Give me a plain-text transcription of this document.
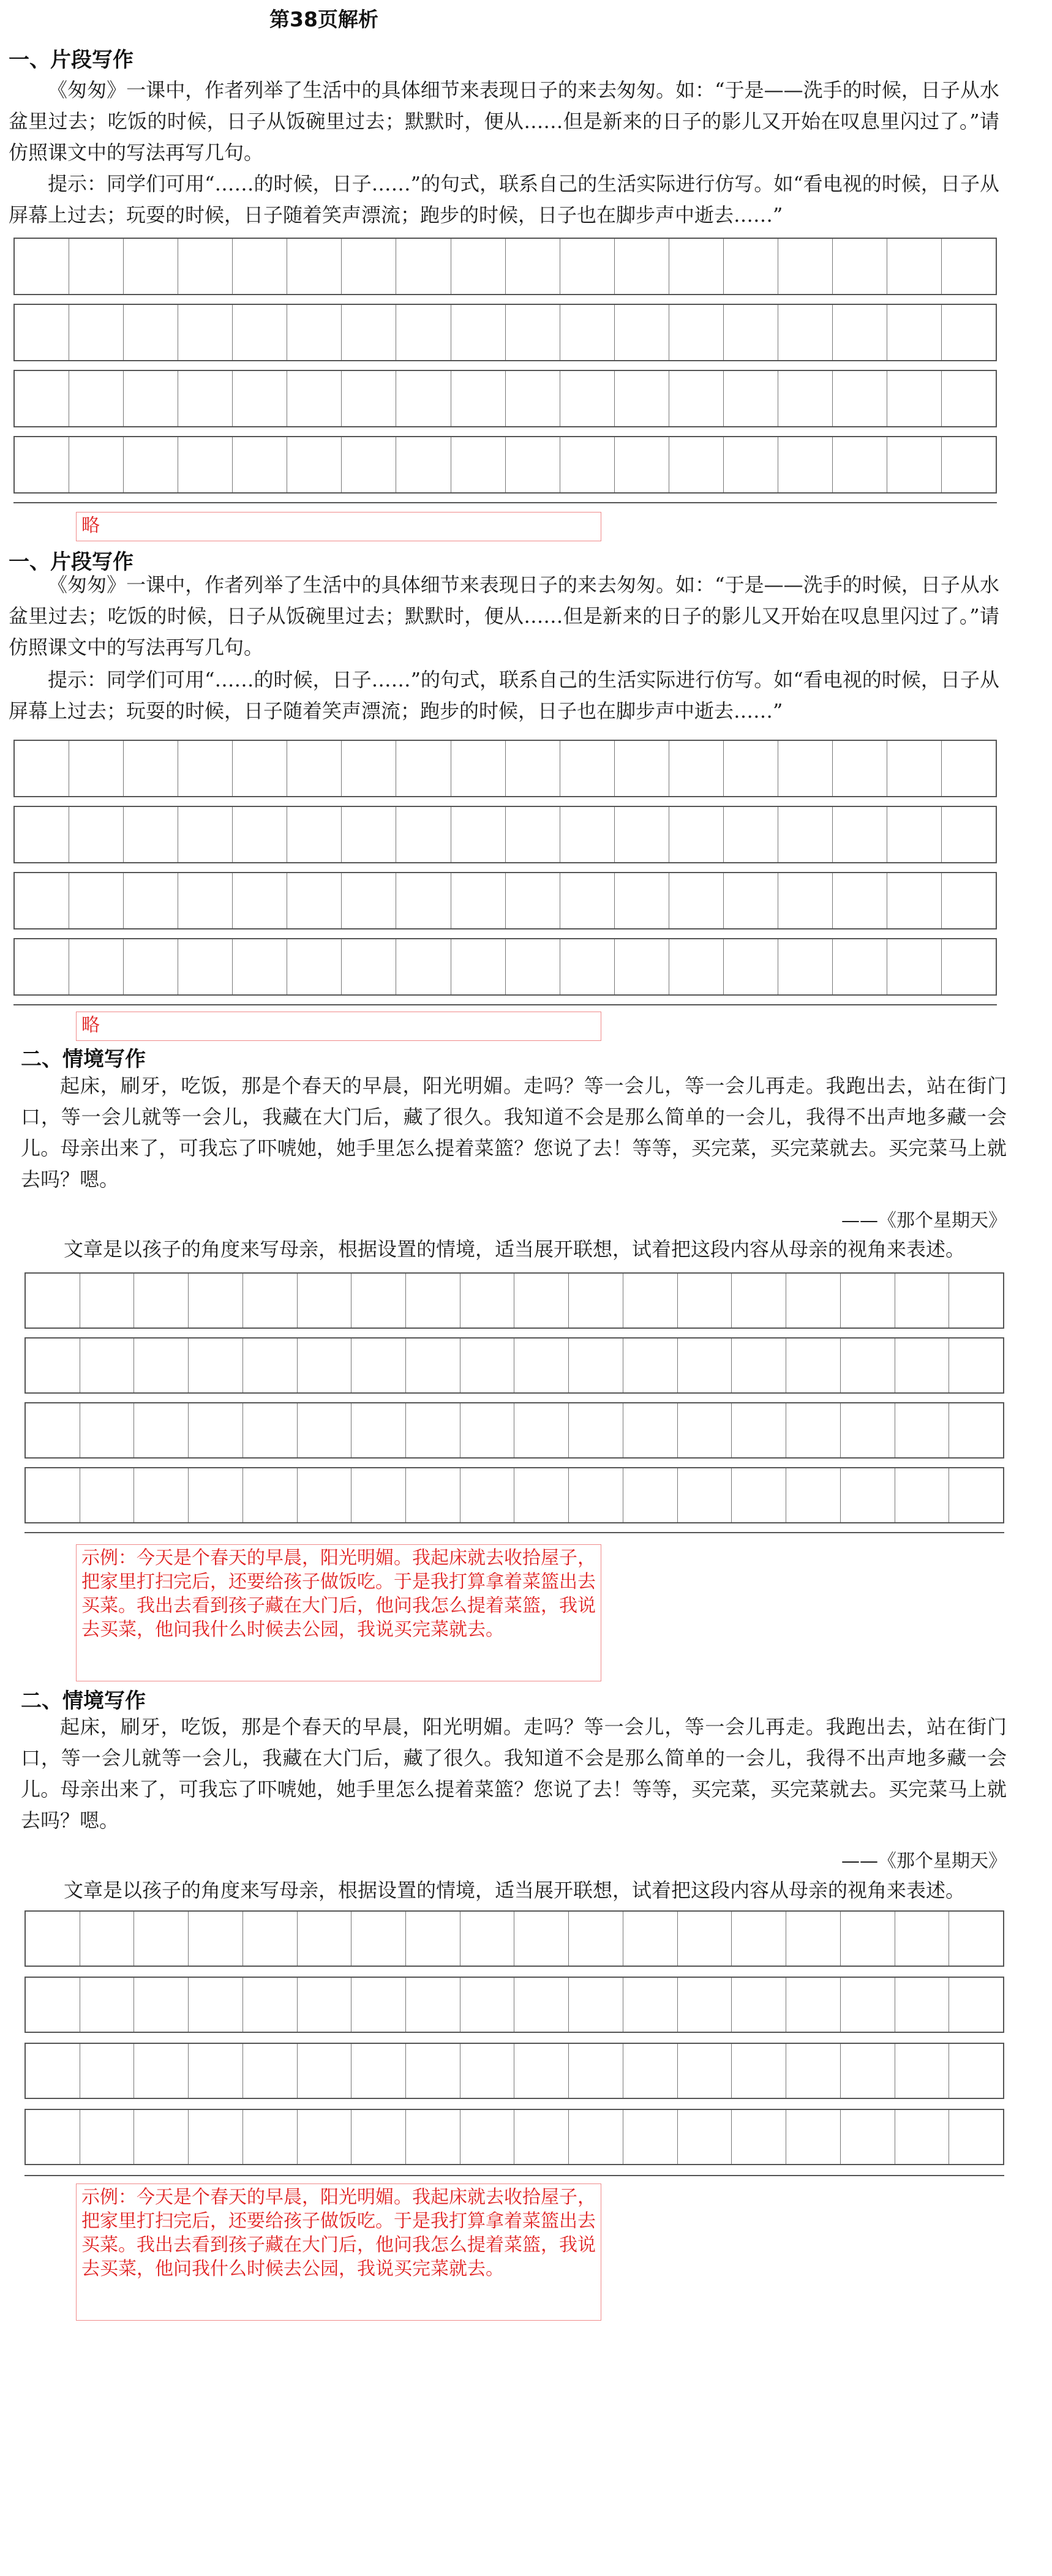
第38页解析
一、片段写作

《匆匆》一课中，作者列举了生活中的具体细节来表现日子的来去匆匆。如：“于是——洗手的时候，日子从水盆里过去；吃饭的时候，日子从饭碗里过去；默默时，便从……但是新来的日子的影儿又开始在叹息里闪过了。”请仿照课文中的写法再写几句。

提示：同学们可用“……的时候，日子……”的句式，联系自己的生活实际进行仿写。如“看电视的时候，日子从屏幕上过去；玩耍的时候，日子随着笑声漂流；跑步的时候，日子也在脚步声中逝去……”

略
一、片段写作

《匆匆》一课中，作者列举了生活中的具体细节来表现日子的来去匆匆。如：“于是——洗手的时候，日子从水盆里过去；吃饭的时候，日子从饭碗里过去；默默时，便从……但是新来的日子的影儿又开始在叹息里闪过了。”请仿照课文中的写法再写几句。

提示：同学们可用“……的时候，日子……”的句式，联系自己的生活实际进行仿写。如“看电视的时候，日子从屏幕上过去；玩耍的时候，日子随着笑声漂流；跑步的时候，日子也在脚步声中逝去……”

略
二、情境写作

起床，刷牙，吃饭，那是个春天的早晨，阳光明媚。走吗？等一会儿，等一会儿再走。我跑出去，站在街门口，等一会儿就等一会儿，我藏在大门后，藏了很久。我知道不会是那么简单的一会儿，我得不出声地多藏一会儿。母亲出来了，可我忘了吓唬她，她手里怎么提着菜篮？您说了去！等等，买完菜，买完菜就去。买完菜马上就去吗？嗯。

——《那个星期天》

文章是以孩子的角度来写母亲，根据设置的情境，适当展开联想，试着把这段内容从母亲的视角来表述。

示例：今天是个春天的早晨，阳光明媚。我起床就去收拾屋子，把家里打扫完后，还要给孩子做饭吃。于是我打算拿着菜篮出去买菜。我出去看到孩子藏在大门后，他问我怎么提着菜篮，我说去买菜，他问我什么时候去公园，我说买完菜就去。
二、情境写作

起床，刷牙，吃饭，那是个春天的早晨，阳光明媚。走吗？等一会儿，等一会儿再走。我跑出去，站在街门口，等一会儿就等一会儿，我藏在大门后，藏了很久。我知道不会是那么简单的一会儿，我得不出声地多藏一会儿。母亲出来了，可我忘了吓唬她，她手里怎么提着菜篮？您说了去！等等，买完菜，买完菜就去。买完菜马上就去吗？嗯。

——《那个星期天》

文章是以孩子的角度来写母亲，根据设置的情境，适当展开联想，试着把这段内容从母亲的视角来表述。

示例：今天是个春天的早晨，阳光明媚。我起床就去收拾屋子，把家里打扫完后，还要给孩子做饭吃。于是我打算拿着菜篮出去买菜。我出去看到孩子藏在大门后，他问我怎么提着菜篮，我说去买菜，他问我什么时候去公园，我说买完菜就去。
